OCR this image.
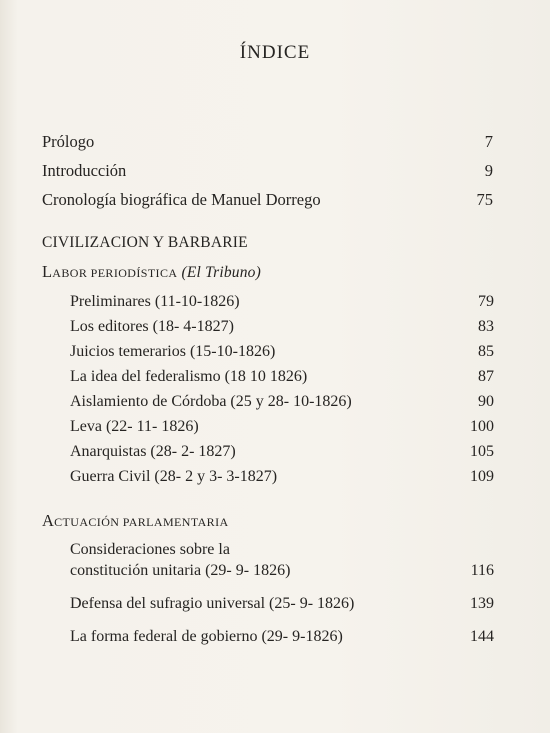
ÍNDICE
Prólogo	7
Introducción	9
Cronología biográfica de Manuel Dorrego	75
CIVILIZACION Y BARBARIE
LABOR PERIODÍSTICA (El Tribuno)
Preliminares (11-10-1826)	79
Los editores (18- 4-1827)	83
Juicios temerarios (15-10-1826)	85
La idea del federalismo (18 10 1826)	87
Aislamiento de Córdoba (25 y 28- 10-1826)	90
Leva (22- 11- 1826)	100
Anarquistas (28- 2- 1827)	105
Guerra Civil (28- 2 y 3- 3-1827)	109
ACTUACIÓN PARLAMENTARIA
Consideraciones sobre la
constitución unitaria (29- 9- 1826)	116
Defensa del sufragio universal (25- 9- 1826)	139
La forma federal de gobierno (29- 9-1826)	144
